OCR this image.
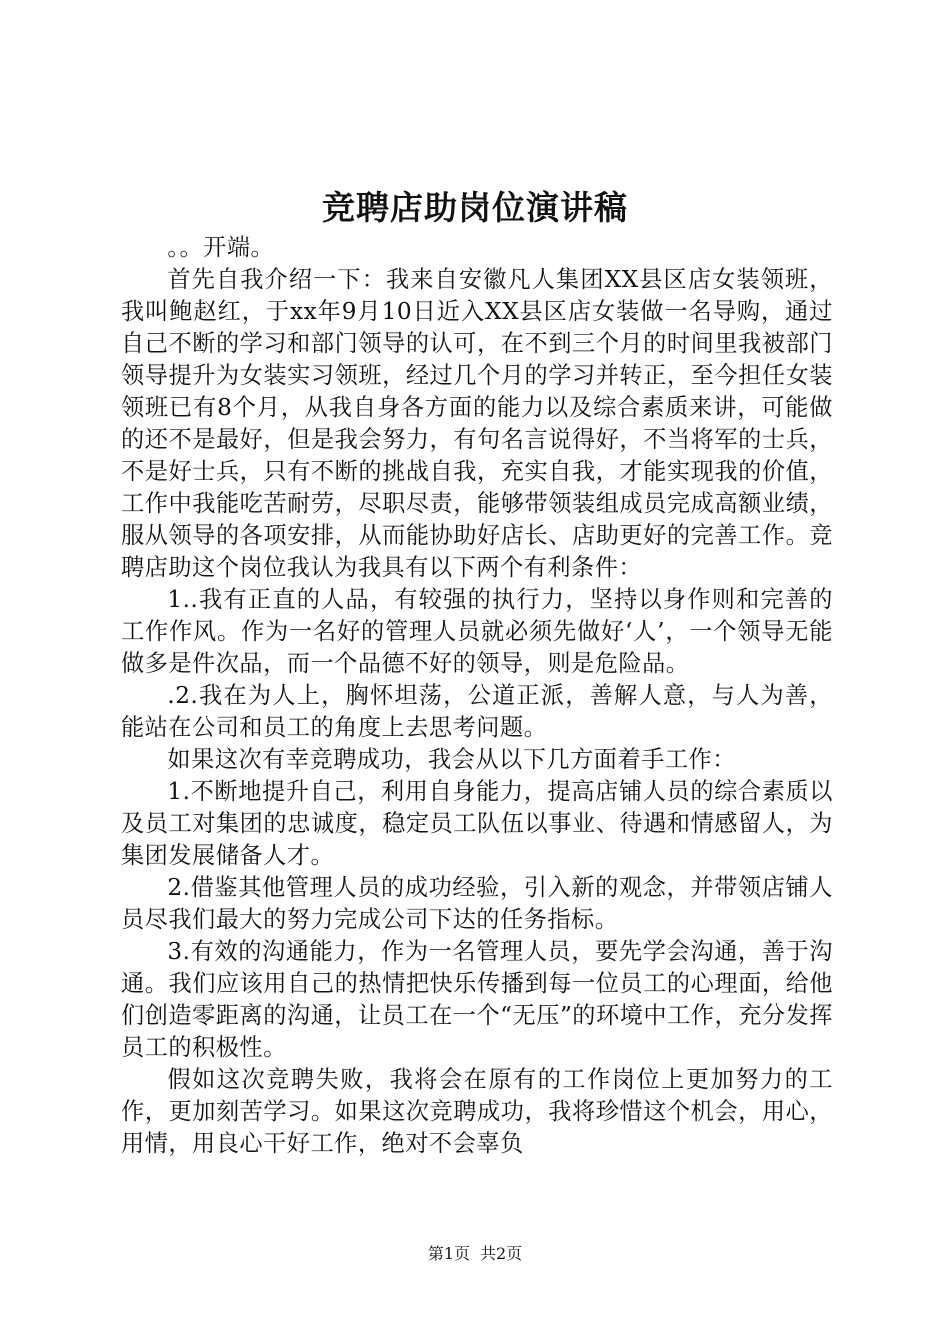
竞聘店助岗位演讲稿

。。开端。

首先自我介绍一下：我来自安徽凡人集团XX县区店女装领班，我叫鲍赵红，于xx年9月10日近入XX县区店女装做一名导购，通过自己不断的学习和部门领导的认可，在不到三个月的时间里我被部门领导提升为女装实习领班，经过几个月的学习并转正，至今担任女装领班已有8个月，从我自身各方面的能力以及综合素质来讲，可能做的还不是最好，但是我会努力，有句名言说得好，不当将军的士兵，不是好士兵，只有不断的挑战自我，充实自我，才能实现我的价值，工作中我能吃苦耐劳，尽职尽责，能够带领装组成员完成高额业绩，服从领导的各项安排，从而能协助好店长、店助更好的完善工作。竞聘店助这个岗位我认为我具有以下两个有利条件：

1..我有正直的人品，有较强的执行力，坚持以身作则和完善的工作作风。作为一名好的管理人员就必须先做好‘人’，一个领导无能做多是件次品，而一个品德不好的领导，则是危险品。

.2.我在为人上，胸怀坦荡，公道正派，善解人意，与人为善，能站在公司和员工的角度上去思考问题。

如果这次有幸竞聘成功，我会从以下几方面着手工作：

1.不断地提升自己，利用自身能力，提高店铺人员的综合素质以及员工对集团的忠诚度，稳定员工队伍以事业、待遇和情感留人，为集团发展储备人才。

2.借鉴其他管理人员的成功经验，引入新的观念，并带领店铺人员尽我们最大的努力完成公司下达的任务指标。

3.有效的沟通能力，作为一名管理人员，要先学会沟通，善于沟通。我们应该用自己的热情把快乐传播到每一位员工的心理面，给他们创造零距离的沟通，让员工在一个“无压”的环境中工作，充分发挥员工的积极性。

假如这次竞聘失败，我将会在原有的工作岗位上更加努力的工作，更加刻苦学习。如果这次竞聘成功，我将珍惜这个机会，用心，用情，用良心干好工作，绝对不会辜负

第1页 共2页
